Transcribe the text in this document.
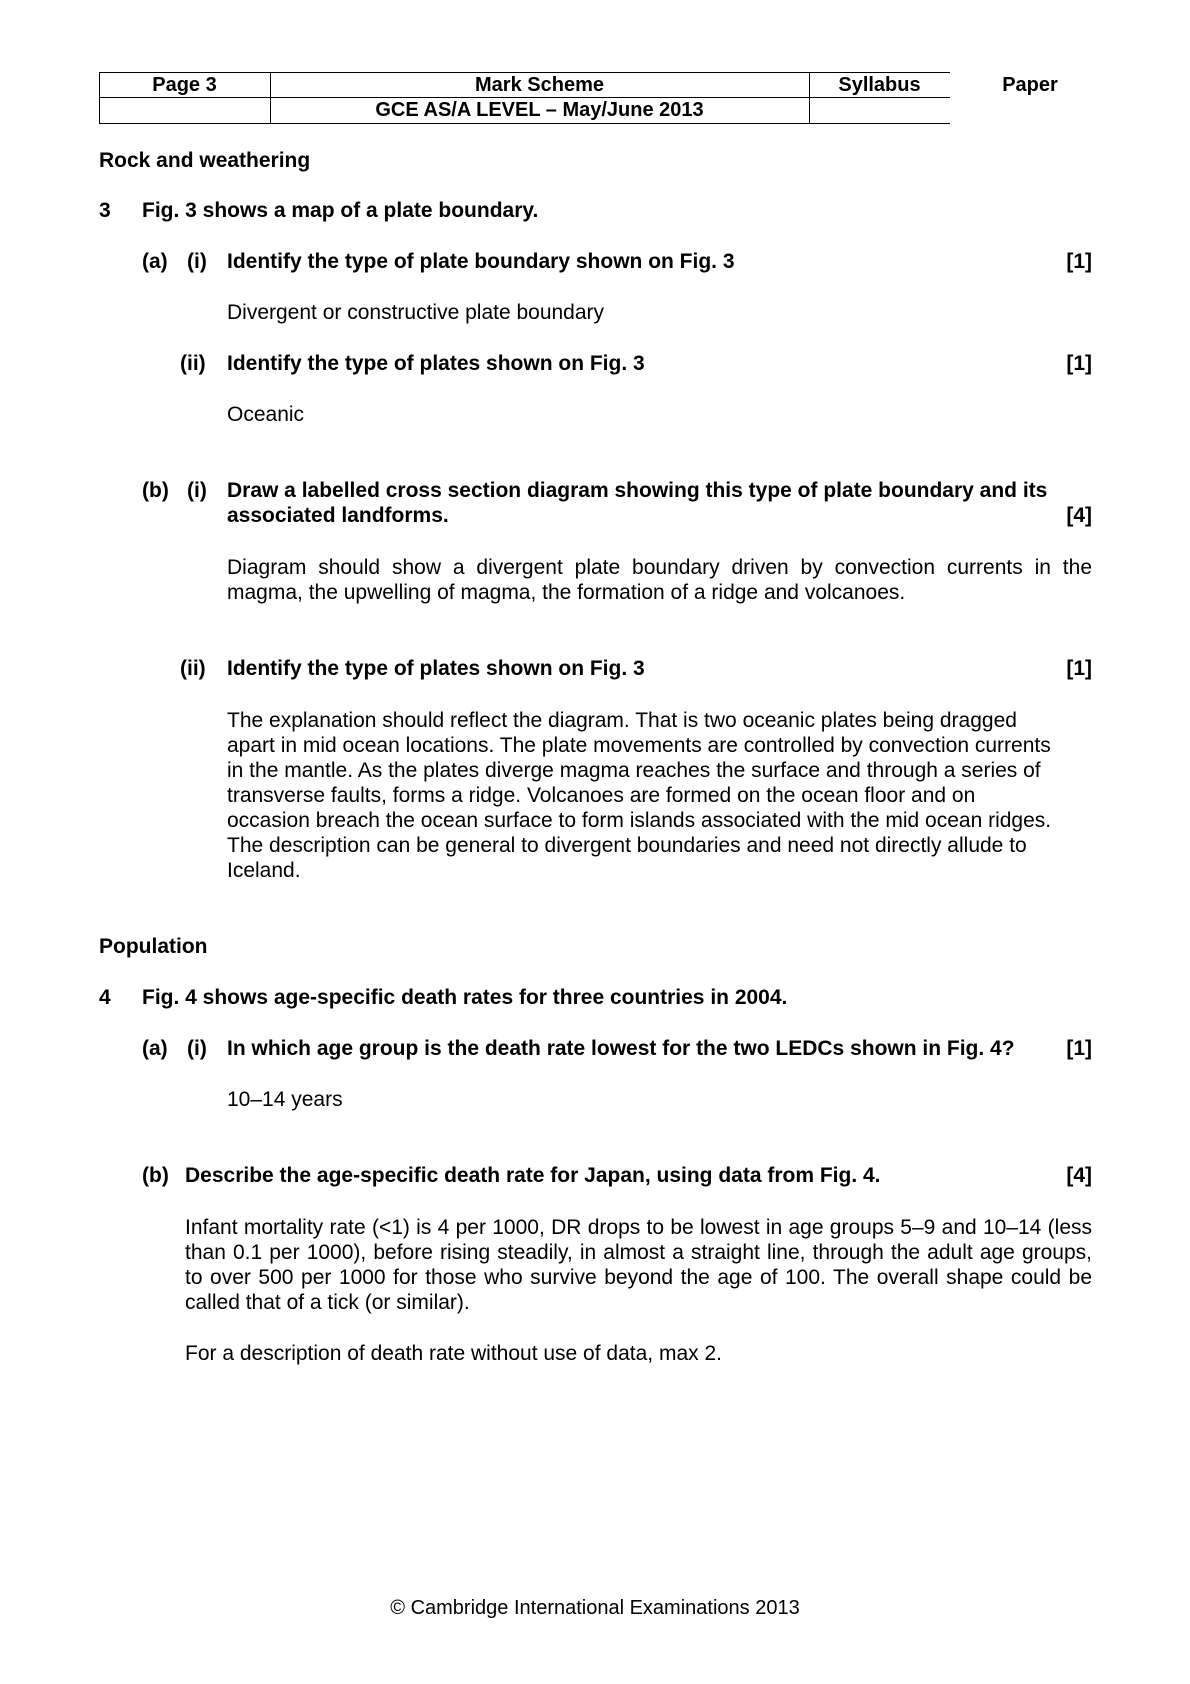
Page 3	Mark Scheme	Syllabus	Paper
GCE AS/A LEVEL – May/June 2013
Rock and weathering
3 Fig. 3 shows a map of a plate boundary.
(a) (i) Identify the type of plate boundary shown on Fig. 3	[1]
Divergent or constructive plate boundary
(ii) Identify the type of plates shown on Fig. 3	[1]
Oceanic
(b) (i) Draw a labelled cross section diagram showing this type of plate boundary and its
associated landforms.	[4]
Diagram should show a divergent plate boundary driven by convection currents in the magma, the upwelling of magma, the formation of a ridge and volcanoes.
(ii) Identify the type of plates shown on Fig. 3	[1]
The explanation should reflect the diagram. That is two oceanic plates being dragged
apart in mid ocean locations. The plate movements are controlled by convection currents
in the mantle. As the plates diverge magma reaches the surface and through a series of
transverse faults, forms a ridge. Volcanoes are formed on the ocean floor and on
occasion breach the ocean surface to form islands associated with the mid ocean ridges.
The description can be general to divergent boundaries and need not directly allude to
Iceland.
Population
4 Fig. 4 shows age-specific death rates for three countries in 2004.
(a) (i) In which age group is the death rate lowest for the two LEDCs shown in Fig. 4?	[1]
10–14 years
(b) Describe the age-specific death rate for Japan, using data from Fig. 4.	[4]
Infant mortality rate (<1) is 4 per 1000, DR drops to be lowest in age groups 5–9 and 10–14 (less than 0.1 per 1000), before rising steadily, in almost a straight line, through the adult age groups, to over 500 per 1000 for those who survive beyond the age of 100. The overall shape could be called that of a tick (or similar).
For a description of death rate without use of data, max 2.
© Cambridge International Examinations 2013
